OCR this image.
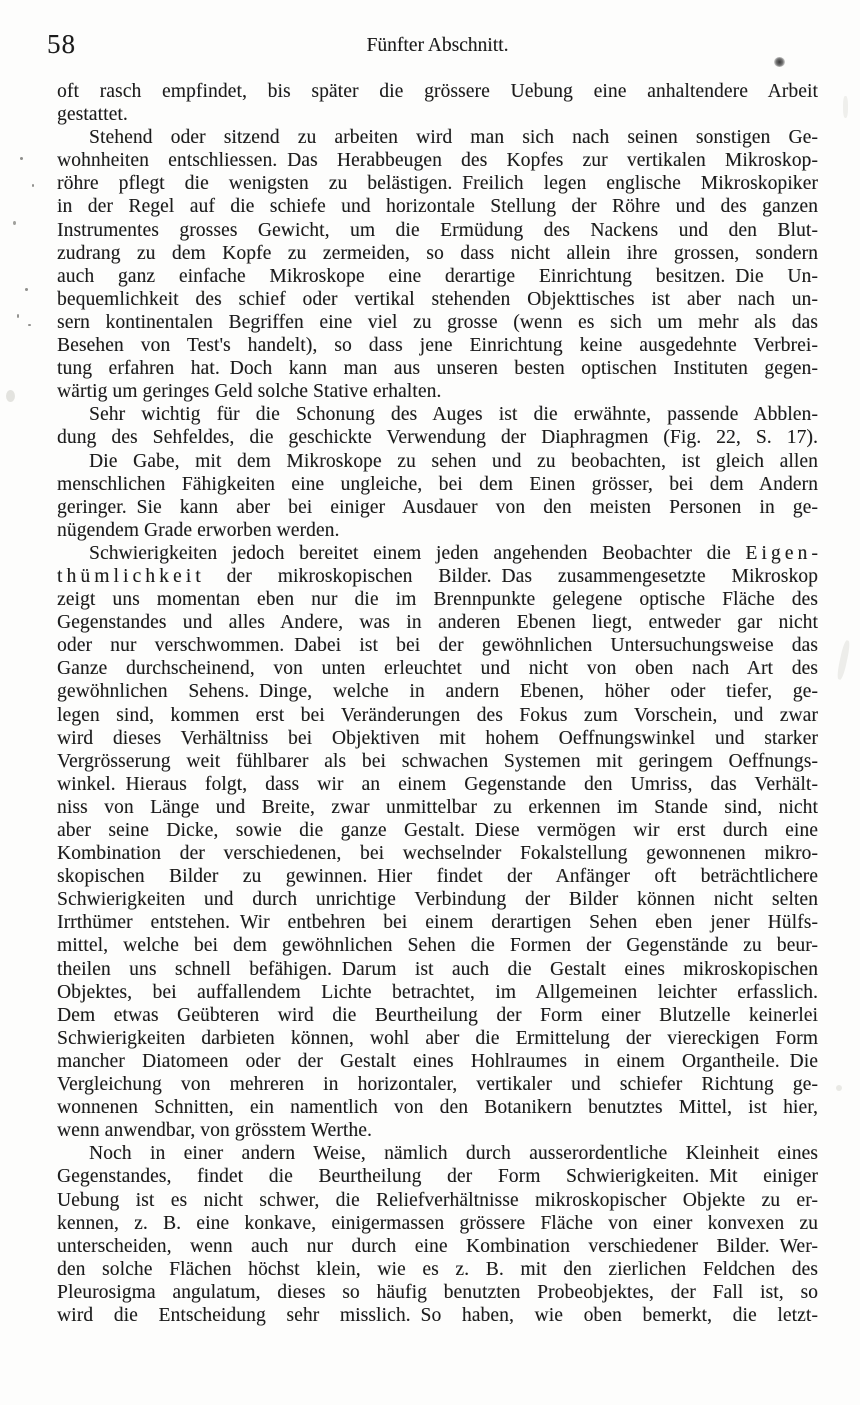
58	Fünfter Abschnitt.
oft rasch empfindet, bis später die grössere Uebung eine anhaltendere Arbeit
gestattet.
Stehend oder sitzend zu arbeiten wird man sich nach seinen sonstigen Ge-
wohnheiten entschliessen. Das Herabbeugen des Kopfes zur vertikalen Mikroskop-
röhre pflegt die wenigsten zu belästigen. Freilich legen englische Mikroskopiker
in der Regel auf die schiefe und horizontale Stellung der Röhre und des ganzen
Instrumentes grosses Gewicht, um die Ermüdung des Nackens und den Blut-
zudrang zu dem Kopfe zu zermeiden, so dass nicht allein ihre grossen, sondern
auch ganz einfache Mikroskope eine derartige Einrichtung besitzen. Die Un-
bequemlichkeit des schief oder vertikal stehenden Objekttisches ist aber nach un-
sern kontinentalen Begriffen eine viel zu grosse (wenn es sich um mehr als das
Besehen von Test's handelt), so dass jene Einrichtung keine ausgedehnte Verbrei-
tung erfahren hat. Doch kann man aus unseren besten optischen Instituten gegen-
wärtig um geringes Geld solche Stative erhalten.
Sehr wichtig für die Schonung des Auges ist die erwähnte, passende Abblen-
dung des Sehfeldes, die geschickte Verwendung der Diaphragmen (Fig. 22, S. 17).
Die Gabe, mit dem Mikroskope zu sehen und zu beobachten, ist gleich allen
menschlichen Fähigkeiten eine ungleiche, bei dem Einen grösser, bei dem Andern
geringer. Sie kann aber bei einiger Ausdauer von den meisten Personen in ge-
nügendem Grade erworben werden.
Schwierigkeiten jedoch bereitet einem jeden angehenden Beobachter die E i g e n -
t h ü m l i c h k e i t der mikroskopischen Bilder. Das zusammengesetzte Mikroskop
zeigt uns momentan eben nur die im Brennpunkte gelegene optische Fläche des
Gegenstandes und alles Andere, was in anderen Ebenen liegt, entweder gar nicht
oder nur verschwommen. Dabei ist bei der gewöhnlichen Untersuchungsweise das
Ganze durchscheinend, von unten erleuchtet und nicht von oben nach Art des
gewöhnlichen Sehens. Dinge, welche in andern Ebenen, höher oder tiefer, ge-
legen sind, kommen erst bei Veränderungen des Fokus zum Vorschein, und zwar
wird dieses Verhältniss bei Objektiven mit hohem Oeffnungswinkel und starker
Vergrösserung weit fühlbarer als bei schwachen Systemen mit geringem Oeffnungs-
winkel. Hieraus folgt, dass wir an einem Gegenstande den Umriss, das Verhält-
niss von Länge und Breite, zwar unmittelbar zu erkennen im Stande sind, nicht
aber seine Dicke, sowie die ganze Gestalt. Diese vermögen wir erst durch eine
Kombination der verschiedenen, bei wechselnder Fokalstellung gewonnenen mikro-
skopischen Bilder zu gewinnen. Hier findet der Anfänger oft beträchtlichere
Schwierigkeiten und durch unrichtige Verbindung der Bilder können nicht selten
Irrthümer entstehen. Wir entbehren bei einem derartigen Sehen eben jener Hülfs-
mittel, welche bei dem gewöhnlichen Sehen die Formen der Gegenstände zu beur-
theilen uns schnell befähigen. Darum ist auch die Gestalt eines mikroskopischen
Objektes, bei auffallendem Lichte betrachtet, im Allgemeinen leichter erfasslich.
Dem etwas Geübteren wird die Beurtheilung der Form einer Blutzelle keinerlei
Schwierigkeiten darbieten können, wohl aber die Ermittelung der viereckigen Form
mancher Diatomeen oder der Gestalt eines Hohlraumes in einem Organtheile. Die
Vergleichung von mehreren in horizontaler, vertikaler und schiefer Richtung ge-
wonnenen Schnitten, ein namentlich von den Botanikern benutztes Mittel, ist hier,
wenn anwendbar, von grösstem Werthe.
Noch in einer andern Weise, nämlich durch ausserordentliche Kleinheit eines
Gegenstandes, findet die Beurtheilung der Form Schwierigkeiten. Mit einiger
Uebung ist es nicht schwer, die Reliefverhältnisse mikroskopischer Objekte zu er-
kennen, z. B. eine konkave, einigermassen grössere Fläche von einer konvexen zu
unterscheiden, wenn auch nur durch eine Kombination verschiedener Bilder. Wer-
den solche Flächen höchst klein, wie es z. B. mit den zierlichen Feldchen des
Pleurosigma angulatum, dieses so häufig benutzten Probeobjektes, der Fall ist, so
wird die Entscheidung sehr misslich. So haben, wie oben bemerkt, die letzt-
